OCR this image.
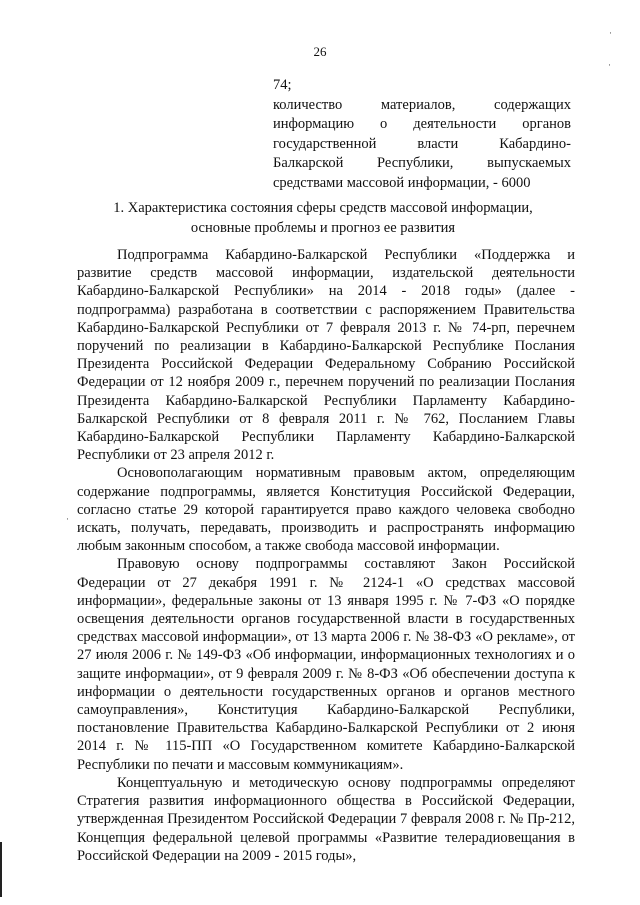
26
74;
количество материалов, содержащих
информацию о деятельности органов
государственной власти Кабардино-
Балкарской Республики, выпускаемых
средствами массовой информации, - 6000
1. Характеристика состояния сферы средств массовой информации, основные проблемы и прогноз ее развития

Подпрограмма Кабардино-Балкарской Республики «Поддержка и развитие средств массовой информации, издательской деятельности Кабардино-Балкарской Республики» на 2014 - 2018 годы» (далее - подпрограмма) разработана в соответствии с распоряжением Правительства Кабардино-Балкарской Республики от 7 февраля 2013 г. № 74-рп, перечнем поручений по реализации в Кабардино-Балкарской Республике Послания Президента Российской Федерации Федеральному Собранию Российской Федерации от 12 ноября 2009 г., перечнем поручений по реализации Послания Президента Кабардино-Балкарской Республики Парламенту Кабардино-Балкарской Республики от 8 февраля 2011 г. № 762, Посланием Главы Кабардино-Балкарской Республики Парламенту Кабардино-Балкарской Республики от 23 апреля 2012 г.

Основополагающим нормативным правовым актом, определяющим содержание подпрограммы, является Конституция Российской Федерации, согласно статье 29 которой гарантируется право каждого человека свободно искать, получать, передавать, производить и распространять информацию любым законным способом, а также свобода массовой информации.

Правовую основу подпрограммы составляют Закон Российской Федерации от 27 декабря 1991 г. № 2124-1 «О средствах массовой информации», федеральные законы от 13 января 1995 г. № 7-ФЗ «О порядке освещения деятельности органов государственной власти в государственных средствах массовой информации», от 13 марта 2006 г. № 38-ФЗ «О рекламе», от 27 июля 2006 г. № 149-ФЗ «Об информации, информационных технологиях и о защите информации», от 9 февраля 2009 г. № 8-ФЗ «Об обеспечении доступа к информации о деятельности государственных органов и органов местного самоуправления», Конституция Кабардино-Балкарской Республики, постановление Правительства Кабардино-Балкарской Республики от 2 июня 2014 г. № 115-ПП «О Государственном комитете Кабардино-Балкарской Республики по печати и массовым коммуникациям».

Концептуальную и методическую основу подпрограммы определяют Стратегия развития информационного общества в Российской Федерации, утвержденная Президентом Российской Федерации 7 февраля 2008 г. № Пр-212, Концепция федеральной целевой программы «Развитие телерадиовещания в Российской Федерации на 2009 - 2015 годы»,

·
·
·
